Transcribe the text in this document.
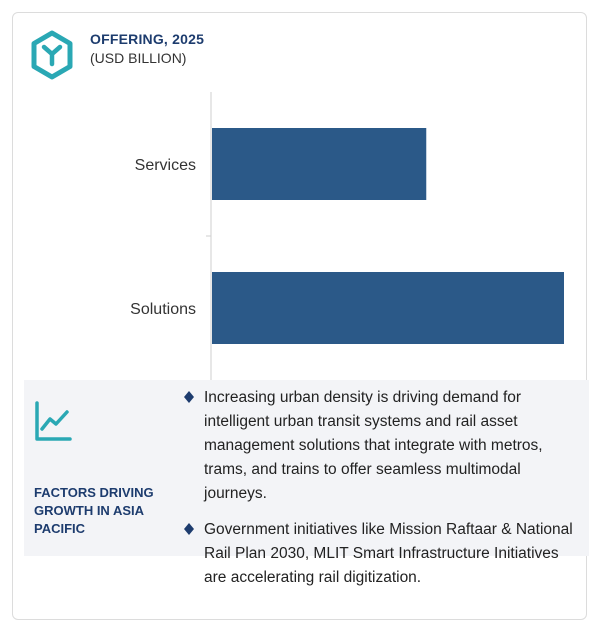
OFFERING, 2025
(USD BILLION)
Services
Solutions
FACTORS DRIVING GROWTH IN ASIA PACIFIC
Increasing urban density is driving demand for intelligent urban transit systems and rail asset management solutions that integrate with metros, trams, and trains to offer seamless multimodal journeys.
Government initiatives like Mission Raftaar & National Rail Plan 2030, MLIT Smart Infrastructure Initiatives are accelerating rail digitization.
